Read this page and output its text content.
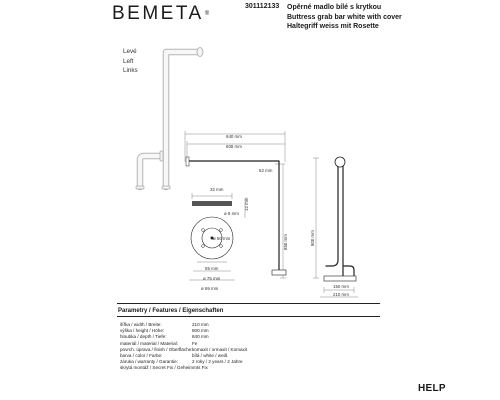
BEMETA ®
301112133 Opěrné madlo bílé s krytkou
Buttress grab bar white with cover
Haltegriff weiss mit Rosette
Levé
Left
Links
640 mm
608 mm
52 mm
32 mm
12 mm
ø 8 mm
ø 50 mm
55 mm
ø 75 mm
ø 69 mm
850 mm	800 mm
150 mm
210 mm
Parametry / Features / Eigenschaften
šířka / width / Breite:	210 mm
výška / height / Höhe:	800 mm
hloubka / depth / Tiefe:	840 mm
materiál / material / Material:	Fe
povrch. úprava / finish / Oberfläche: komaxit / ormaxit / Komaxit
barva / color / Farbe:	bílá / white / weiß
záruka / warranty / Garantie:	2 roky / 2 years / 2 Jahre
skrytá montáž / Secret Fix / Geheimmts Fix
HELP
